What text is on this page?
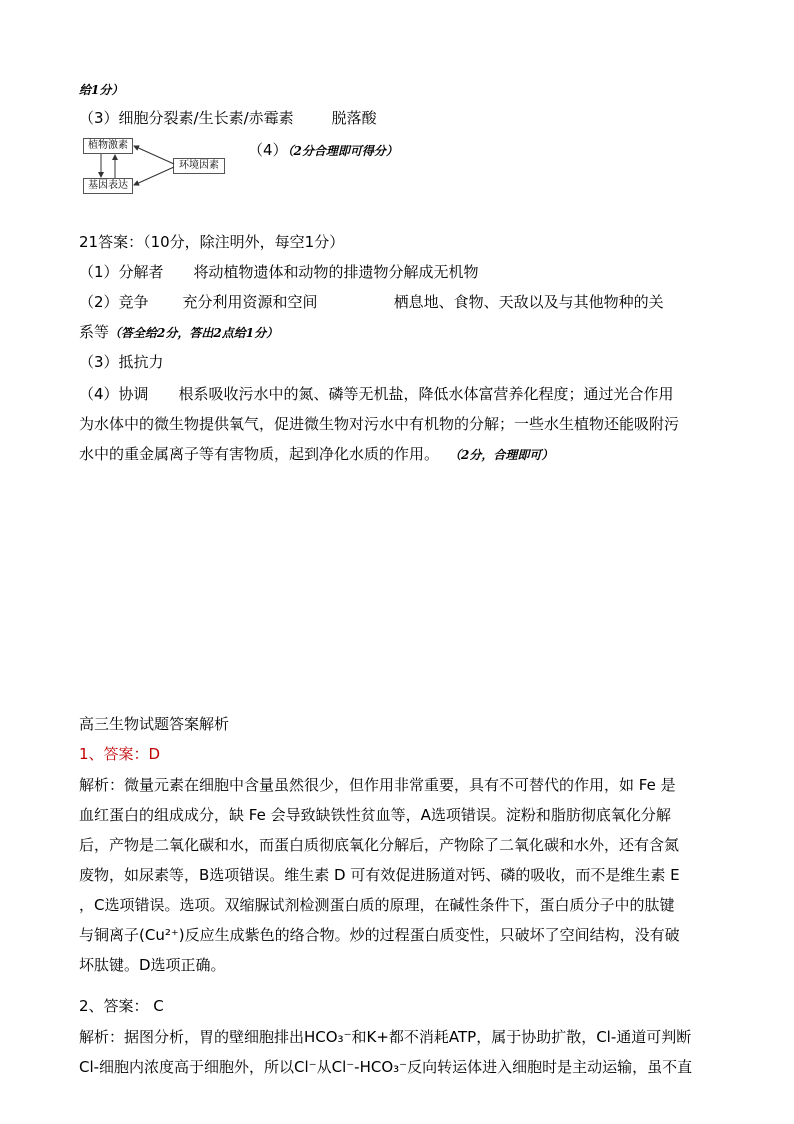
给1分）
（3）细胞分裂素/生长素/赤霉素	脱落酸
植物激素
基因表达
环境因素
（4）（2分合理即可得分）
21答案：（10分，除注明外，每空1分）
（1）分解者 将动植物遗体和动物的排遗物分解成无机物
（2）竞争 充分利用资源和空间	栖息地、食物、天敌以及与其他物种的关
系等（答全给2分，答出2点给1分）
（3）抵抗力
（4）协调 根系吸收污水中的氮、磷等无机盐，降低水体富营养化程度；通过光合作用
为水体中的微生物提供氧气，促进微生物对污水中有机物的分解；一些水生植物还能吸附污
水中的重金属离子等有害物质，起到净化水质的作用。 （2分，合理即可）
高三生物试题答案解析
1、答案：D
解析：微量元素在细胞中含量虽然很少，但作用非常重要，具有不可替代的作用，如 Fe 是
血红蛋白的组成成分，缺 Fe 会导致缺铁性贫血等，A选项错误。淀粉和脂肪彻底氧化分解
后，产物是二氧化碳和水，而蛋白质彻底氧化分解后，产物除了二氧化碳和水外，还有含氮
废物，如尿素等，B选项错误。维生素 D 可有效促进肠道对钙、磷的吸收，而不是维生素 E
，C选项错误。选项。双缩脲试剂检测蛋白质的原理，在碱性条件下，蛋白质分子中的肽键
与铜离子(Cu²⁺)反应生成紫色的络合物。炒的过程蛋白质变性，只破坏了空间结构，没有破
坏肽键。D选项正确。
2、答案： C
解析：据图分析，胃的壁细胞排出HCO₃⁻和K+都不消耗ATP，属于协助扩散，Cl-通道可判断
Cl-细胞内浓度高于细胞外，所以Cl⁻从Cl⁻-HCO₃⁻反向转运体进入细胞时是主动运输，虽不直
